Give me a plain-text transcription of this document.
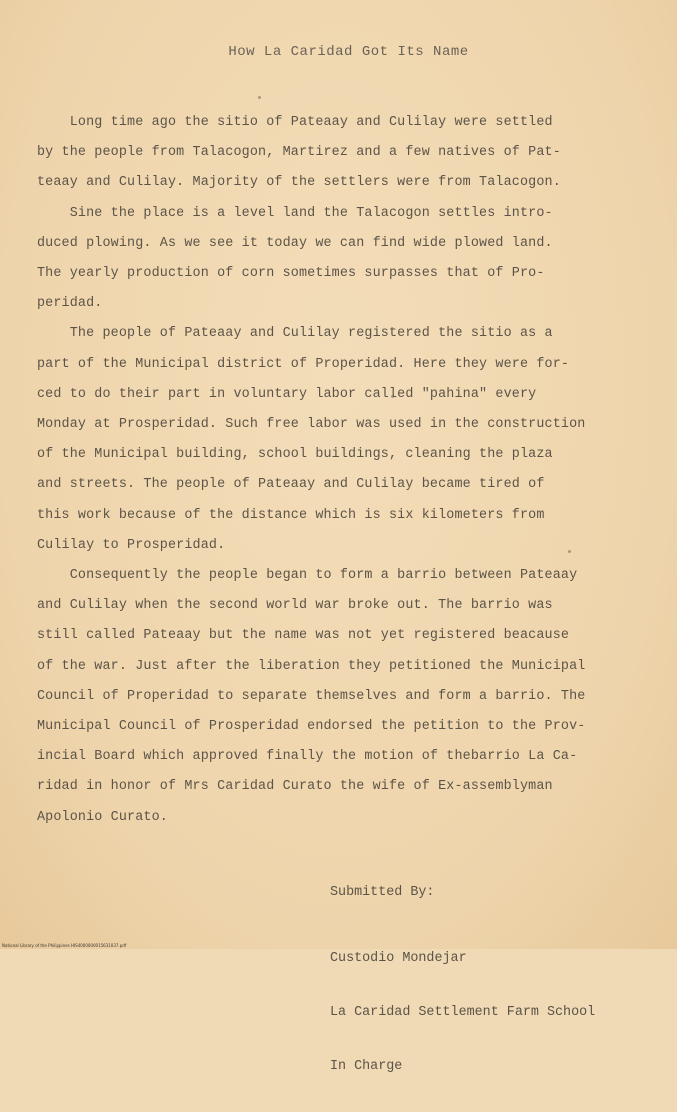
How La Caridad Got Its Name

Long time ago the sitio of Pateaay and Culilay were settled

by the people from Talacogon, Martirez and a few natives of Pat-

teaay and Culilay. Majority of the settlers were from Talacogon.

Sine the place is a level land the Talacogon settles intro-

duced plowing. As we see it today we can find wide plowed land.

The yearly production of corn sometimes surpasses that of Pro-

peridad.

The people of Pateaay and Culilay registered the sitio as a

part of the Municipal district of Properidad. Here they were for-

ced to do their part in voluntary labor called "pahina" every

Monday at Prosperidad. Such free labor was used in the construction

of the Municipal building, school buildings, cleaning the plaza

and streets. The people of Pateaay and Culilay became tired of

this work because of the distance which is six kilometers from

Culilay to Prosperidad.

Consequently the people began to form a barrio between Pateaay

and Culilay when the second world war broke out. The barrio was

still called Pateaay but the name was not yet registered beacause

of the war. Just after the liberation they petitioned the Municipal

Council of Properidad to separate themselves and form a barrio. The

Municipal Council of Prosperidad endorsed the petition to the Prov-

incial Board which approved finally the motion of thebarrio La Ca-

ridad in honor of Mrs Caridad Curato the wife of Ex-assemblyman

Apolonio Curato.

Submitted By:

Custodio Mondejar

La Caridad Settlement Farm School

In Charge

National Library of the Philippines HIS4000000015631037.pdf
